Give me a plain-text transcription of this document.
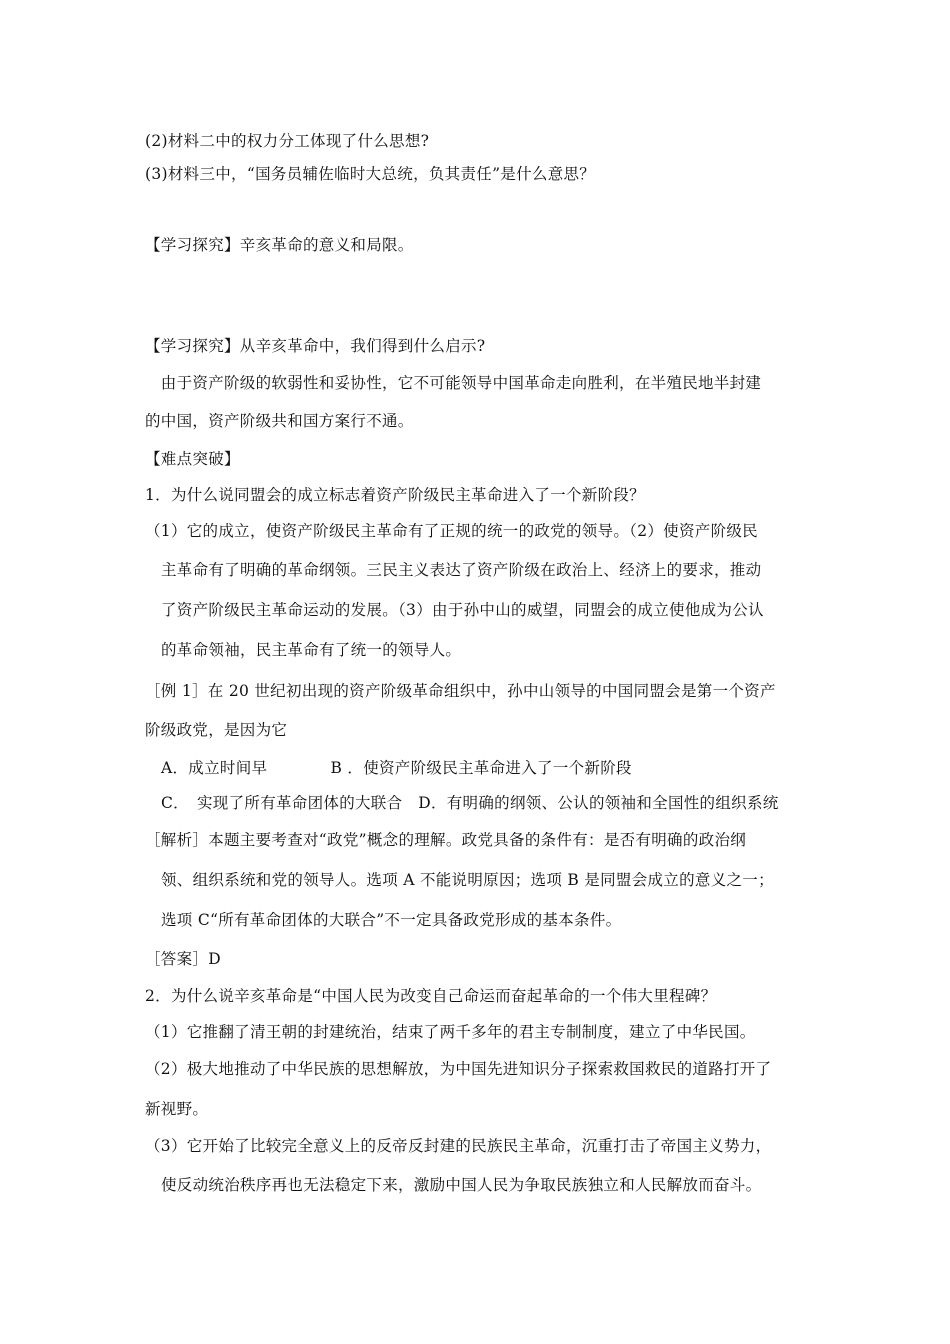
(2)材料二中的权力分工体现了什么思想?
(3)材料三中，“国务员辅佐临时大总统，负其责任”是什么意思？
【学习探究】辛亥革命的意义和局限。
【学习探究】从辛亥革命中，我们得到什么启示?
　由于资产阶级的软弱性和妥协性，它不可能领导中国革命走向胜利，在半殖民地半封建
的中国，资产阶级共和国方案行不通。
【难点突破】
1．为什么说同盟会的成立标志着资产阶级民主革命进入了一个新阶段？
（1）它的成立，使资产阶级民主革命有了正规的统一的政党的领导。（2）使资产阶级民
主革命有了明确的革命纲领。三民主义表达了资产阶级在政治上、经济上的要求，推动
了资产阶级民主革命运动的发展。（3）由于孙中山的威望，同盟会的成立使他成为公认
的革命领袖，民主革命有了统一的领导人。
［例 1］在 20 世纪初出现的资产阶级革命组织中，孙中山领导的中国同盟会是第一个资产
阶级政党，是因为它
A．成立时间早　　　　B ．使资产阶级民主革命进入了一个新阶段
C．　实现了所有革命团体的大联合　D．有明确的纲领、公认的领袖和全国性的组织系统
［解析］本题主要考查对“政党”概念的理解。政党具备的条件有：是否有明确的政治纲
领、组织系统和党的领导人。选项 A 不能说明原因；选项 B 是同盟会成立的意义之一；
选项 C“所有革命团体的大联合”不一定具备政党形成的基本条件。
［答案］D
2．为什么说辛亥革命是“中国人民为改变自己命运而奋起革命的一个伟大里程碑？
（1）它推翻了清王朝的封建统治，结束了两千多年的君主专制制度，建立了中华民国。
（2）极大地推动了中华民族的思想解放，为中国先进知识分子探索救国救民的道路打开了
新视野。
（3）它开始了比较完全意义上的反帝反封建的民族民主革命，沉重打击了帝国主义势力，
使反动统治秩序再也无法稳定下来，激励中国人民为争取民族独立和人民解放而奋斗。
